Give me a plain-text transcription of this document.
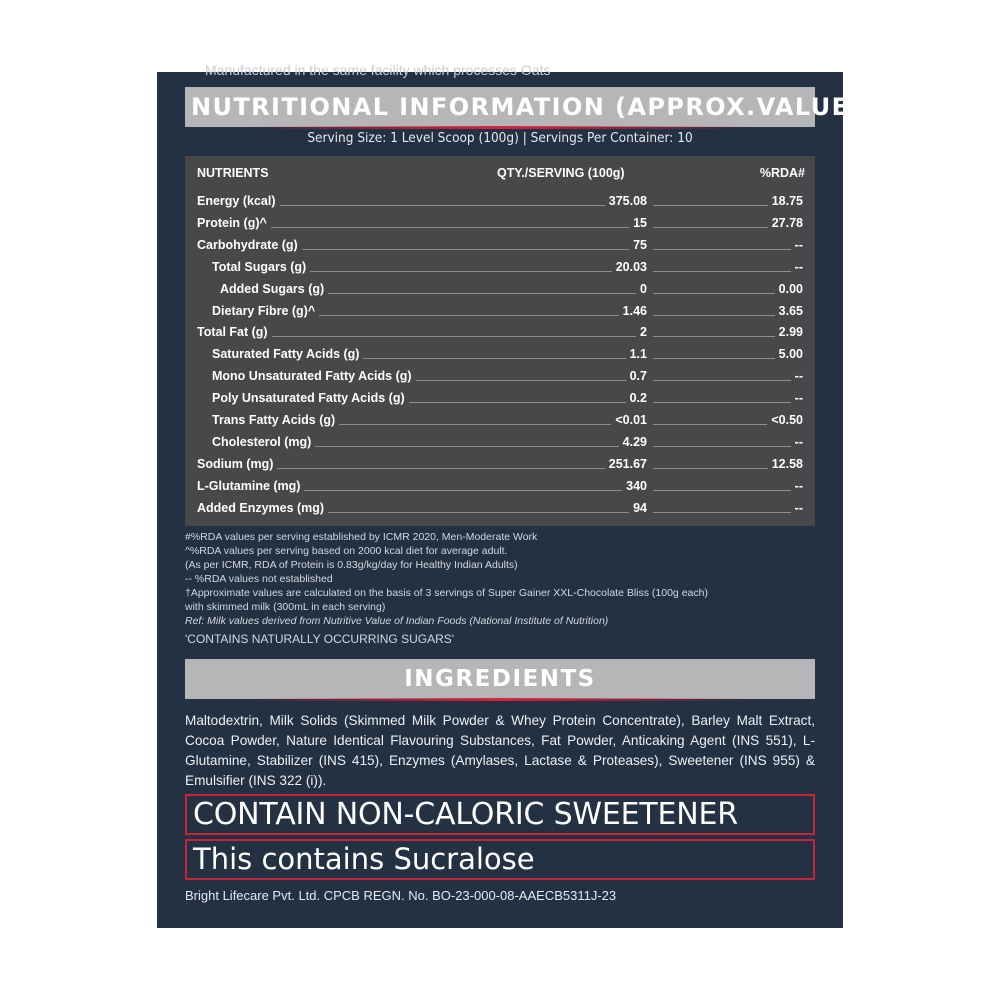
Manufactured in the same facility which processes Oats
NUTRITIONAL INFORMATION (APPROX.VALUES):
Serving Size: 1 Level Scoop (100g) | Servings Per Container: 10
NUTRIENTS	QTY./SERVING (100g)	%RDA#
Energy (kcal)	375.08	18.75
Protein (g)^	15	27.78
Carbohydrate (g)	75	--
Total Sugars (g)	20.03	--
Added Sugars (g)	0	0.00
Dietary Fibre (g)^	1.46	3.65
Total Fat (g)	2	2.99
Saturated Fatty Acids (g)	1.1	5.00
Mono Unsaturated Fatty Acids (g)	0.7	--
Poly Unsaturated Fatty Acids (g)	0.2	--
Trans Fatty Acids (g)	<0.01	<0.50
Cholesterol (mg)	4.29	--
Sodium (mg)	251.67	12.58
L-Glutamine (mg)	340	--
Added Enzymes (mg)	94	--
#%RDA values per serving established by ICMR 2020, Men-Moderate Work
^%RDA values per serving based on 2000 kcal diet for average adult.
(As per ICMR, RDA of Protein is 0.83g/kg/day for Healthy Indian Adults)
-- %RDA values not established
†Approximate values are calculated on the basis of 3 servings of Super Gainer XXL-Chocolate Bliss (100g each)
with skimmed milk (300mL in each serving)
Ref: Milk values derived from Nutritive Value of Indian Foods (National Institute of Nutrition)
'CONTAINS NATURALLY OCCURRING SUGARS'
INGREDIENTS
Maltodextrin, Milk Solids (Skimmed Milk Powder & Whey Protein Concentrate), Barley Malt Extract, Cocoa Powder, Nature Identical Flavouring Substances, Fat Powder, Anticaking Agent (INS 551), L-Glutamine, Stabilizer (INS 415), Enzymes (Amylases, Lactase & Proteases), Sweetener (INS 955) & Emulsifier (INS 322 (i)).
CONTAIN NON-CALORIC SWEETENER
This contains Sucralose
Bright Lifecare Pvt. Ltd. CPCB REGN. No. BO-23-000-08-AAECB5311J-23
